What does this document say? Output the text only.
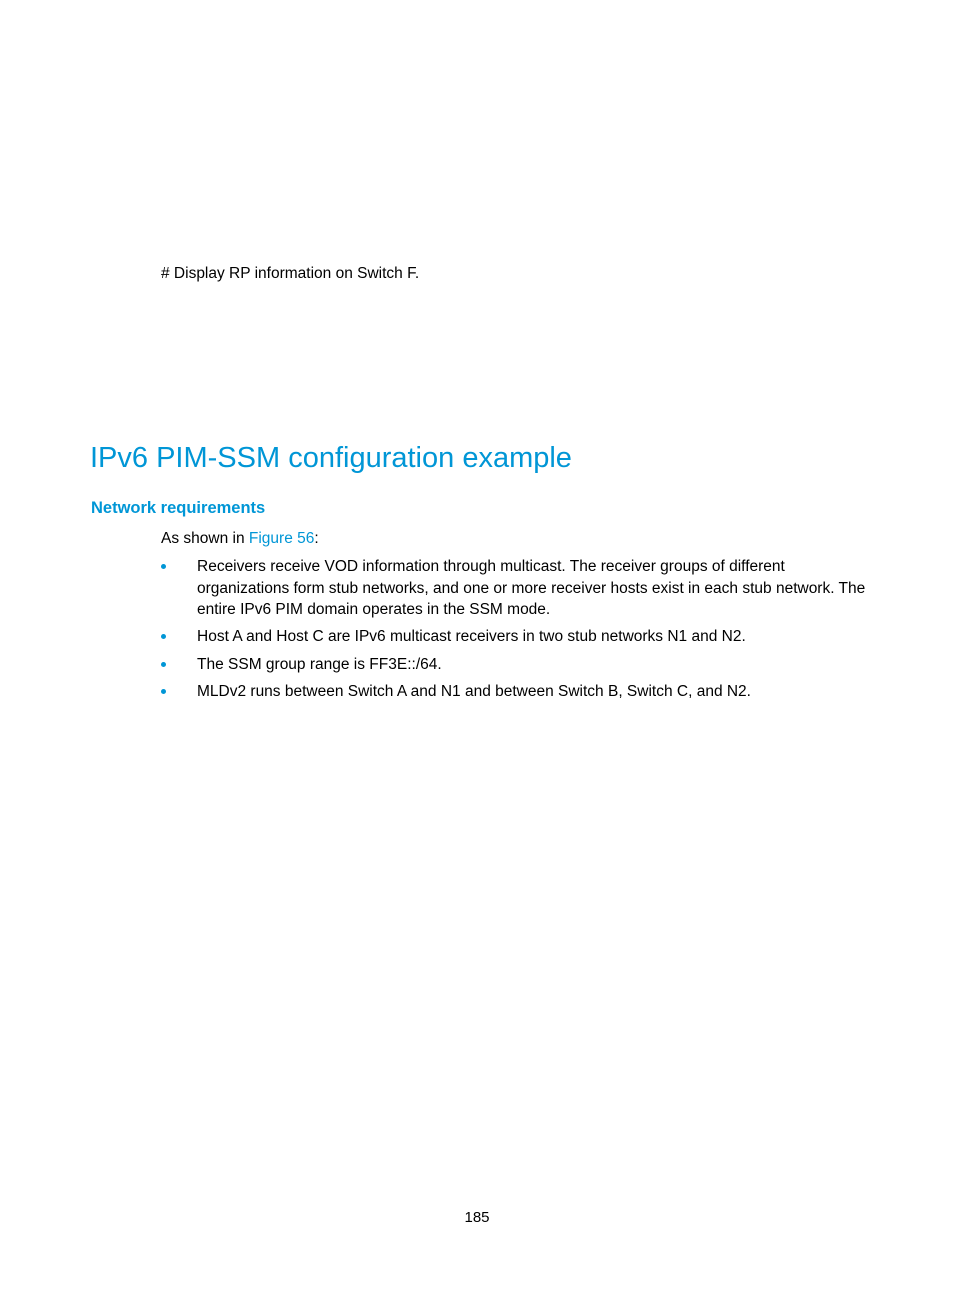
# Display RP information on Switch F.
IPv6 PIM-SSM configuration example
Network requirements
As shown in Figure 56:
Receivers receive VOD information through multicast. The receiver groups of different organizations form stub networks, and one or more receiver hosts exist in each stub network. The entire IPv6 PIM domain operates in the SSM mode.
Host A and Host C are IPv6 multicast receivers in two stub networks N1 and N2.
The SSM group range is FF3E::/64.
MLDv2 runs between Switch A and N1 and between Switch B, Switch C, and N2.
185
